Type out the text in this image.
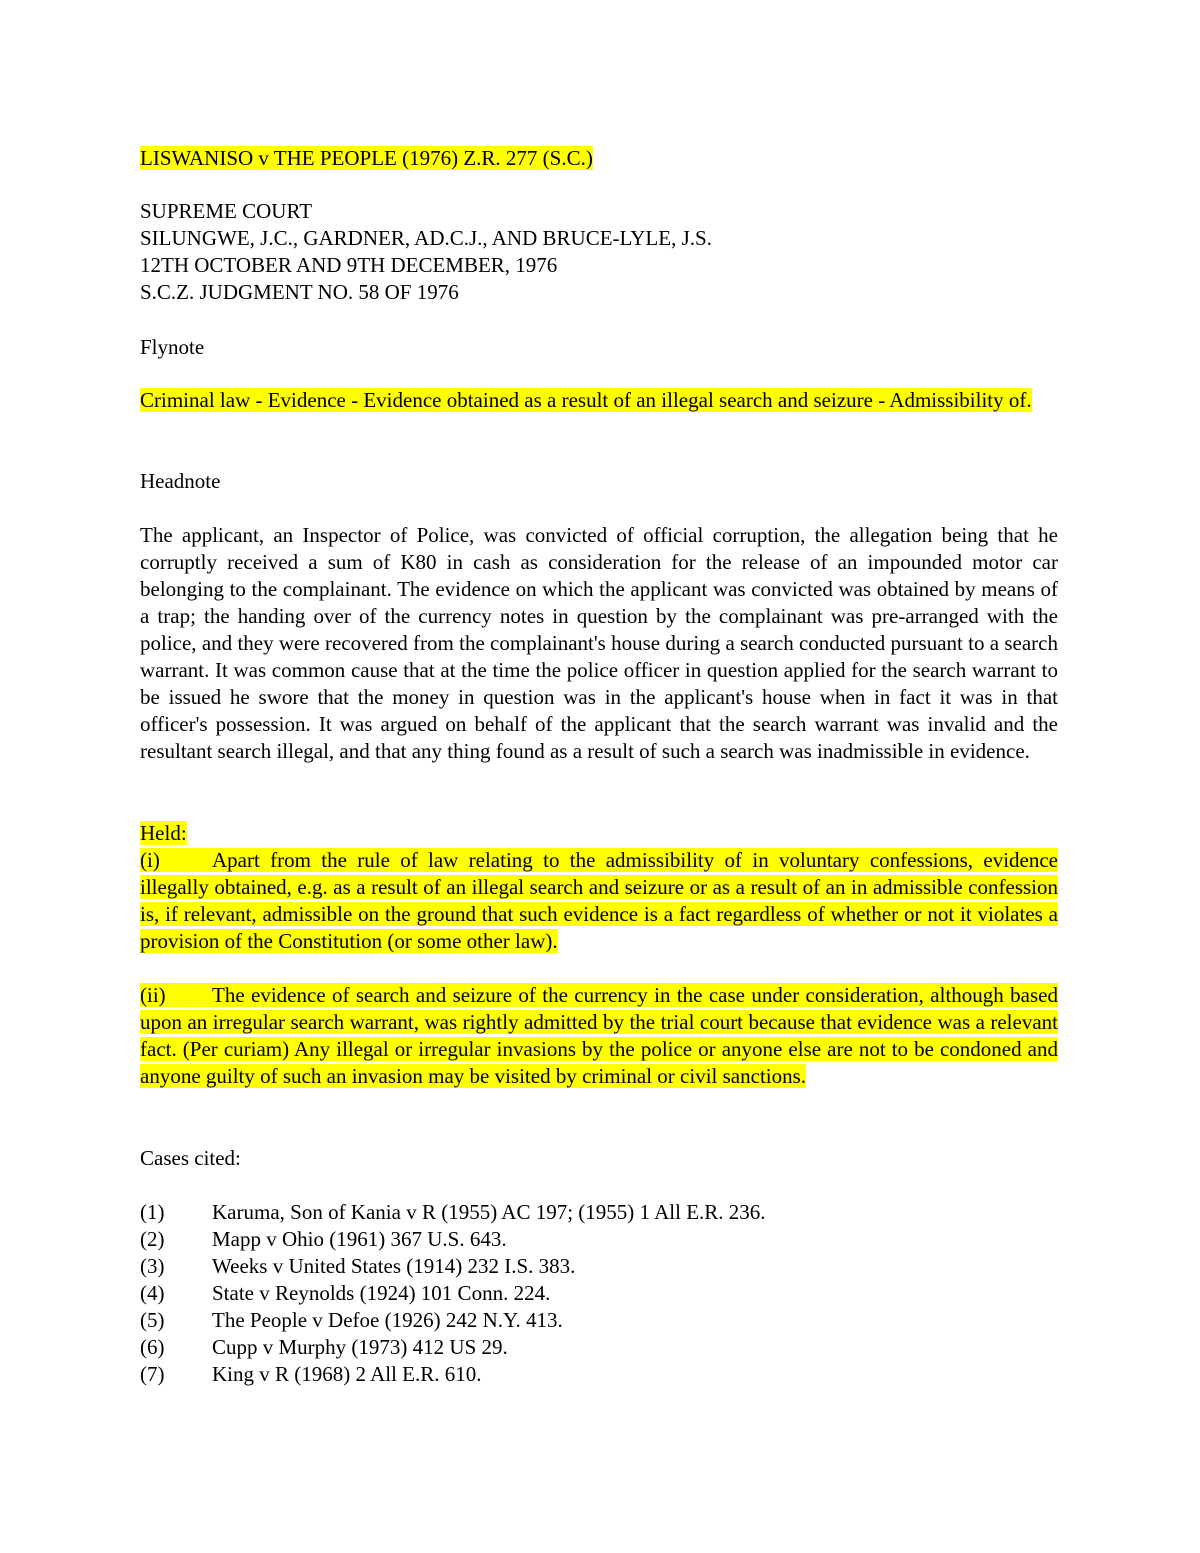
LISWANISO v THE PEOPLE (1976) Z.R. 277 (S.C.)
SUPREME COURT
SILUNGWE, J.C., GARDNER, AD.C.J., AND BRUCE-LYLE, J.S.
12TH OCTOBER AND 9TH DECEMBER, 1976
S.C.Z. JUDGMENT NO. 58 OF 1976
Flynote
Criminal law - Evidence - Evidence obtained as a result of an illegal search and seizure - Admissibility of.
Headnote
The applicant, an Inspector of Police, was convicted of official corruption, the allegation being that he corruptly received a sum of K80 in cash as consideration for the release of an impounded motor car belonging to the complainant. The evidence on which the applicant was convicted was obtained by means of a trap; the handing over of the currency notes in question by the complainant was pre-arranged with the police, and they were recovered from the complainant's house during a search conducted pursuant to a search warrant. It was common cause that at the time the police officer in question applied for the search warrant to be issued he swore that the money in question was in the applicant's house when in fact it was in that officer's possession. It was argued on behalf of the applicant that the search warrant was invalid and the resultant search illegal, and that any thing found as a result of such a search was inadmissible in evidence.
Held:
(i) Apart from the rule of law relating to the admissibility of in voluntary confessions, evidence illegally obtained, e.g. as a result of an illegal search and seizure or as a result of an in admissible confession is, if relevant, admissible on the ground that such evidence is a fact regardless of whether or not it violates a provision of the Constitution (or some other law).
(ii) The evidence of search and seizure of the currency in the case under consideration, although based upon an irregular search warrant, was rightly admitted by the trial court because that evidence was a relevant fact. (Per curiam) Any illegal or irregular invasions by the police or anyone else are not to be condoned and anyone guilty of such an invasion may be visited by criminal or civil sanctions.
Cases cited:
(1) Karuma, Son of Kania v R (1955) AC 197; (1955) 1 All E.R. 236.
(2) Mapp v Ohio (1961) 367 U.S. 643.
(3) Weeks v United States (1914) 232 I.S. 383.
(4) State v Reynolds (1924) 101 Conn. 224.
(5) The People v Defoe (1926) 242 N.Y. 413.
(6) Cupp v Murphy (1973) 412 US 29.
(7) King v R (1968) 2 All E.R. 610.
